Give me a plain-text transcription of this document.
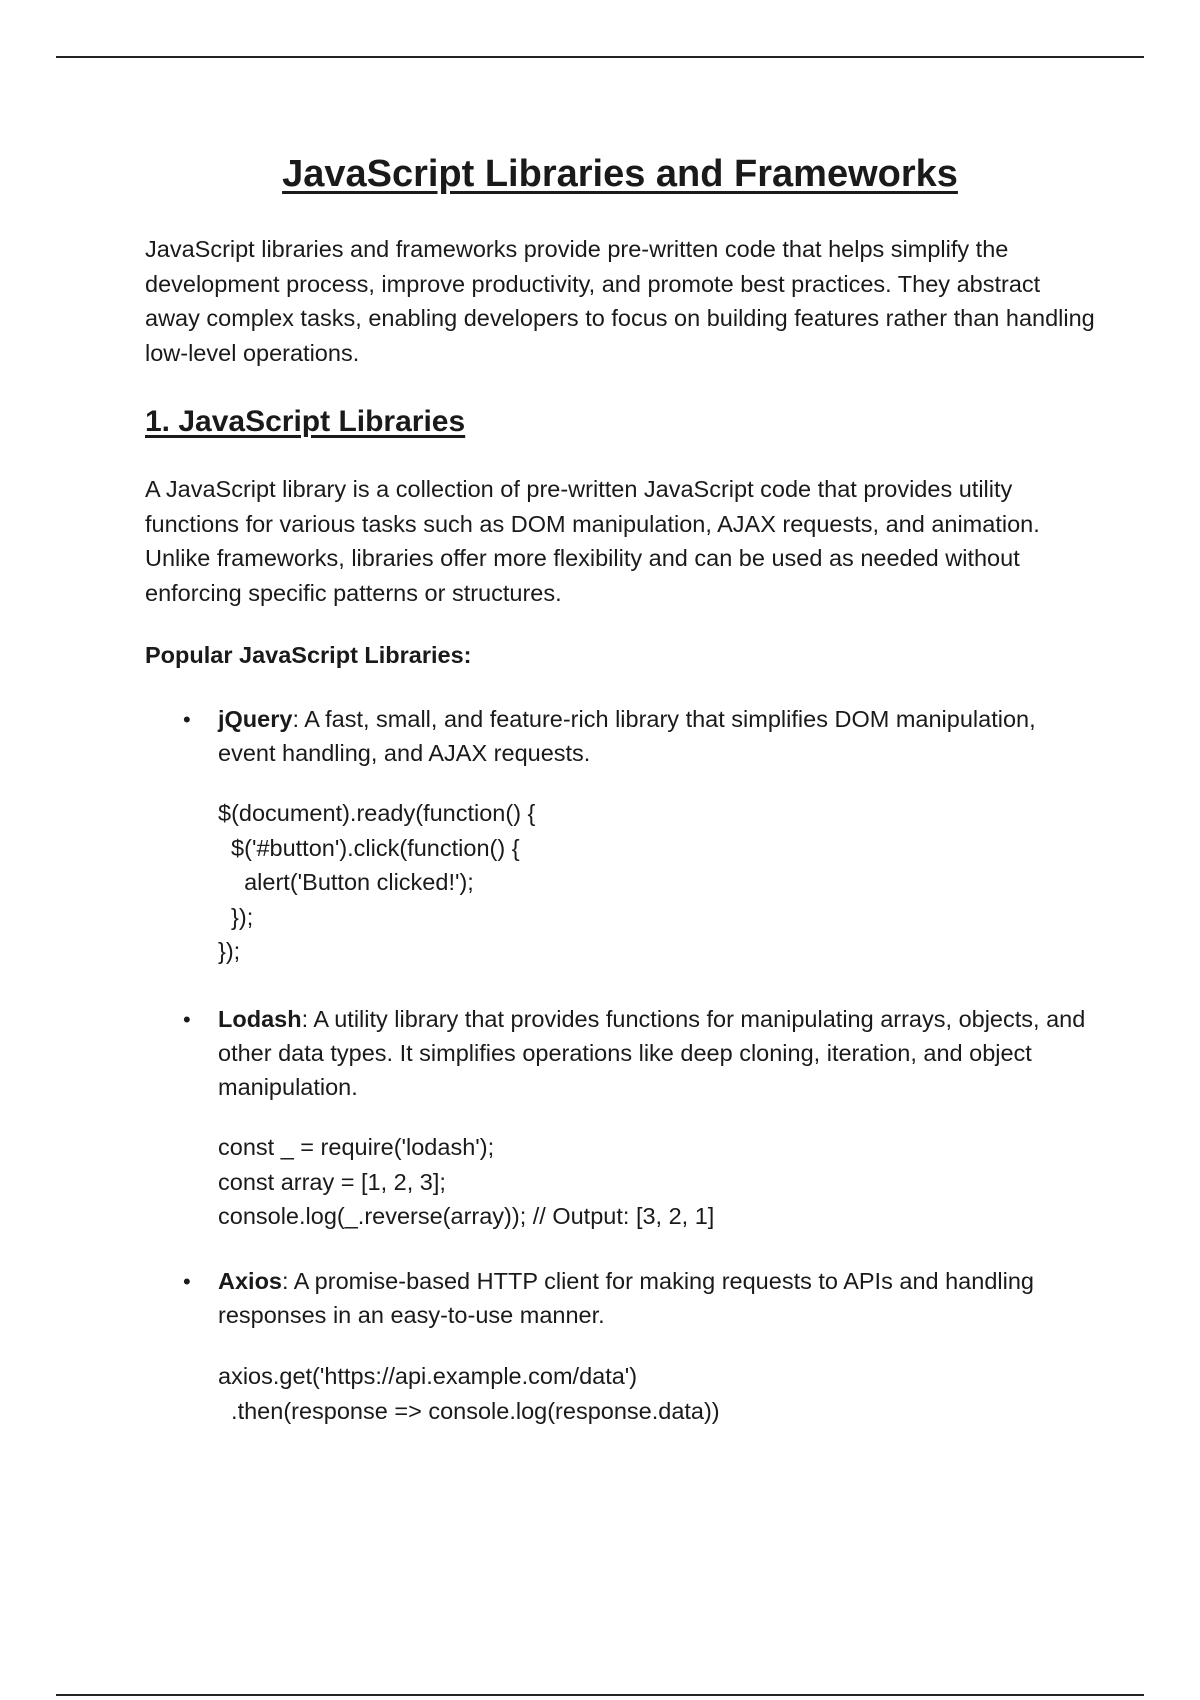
JavaScript Libraries and Frameworks

JavaScript libraries and frameworks provide pre-written code that helps simplify the development process, improve productivity, and promote best practices. They abstract away complex tasks, enabling developers to focus on building features rather than handling low-level operations.

1. JavaScript Libraries

A JavaScript library is a collection of pre-written JavaScript code that provides utility functions for various tasks such as DOM manipulation, AJAX requests, and animation. Unlike frameworks, libraries offer more flexibility and can be used as needed without enforcing specific patterns or structures.

Popular JavaScript Libraries:

• jQuery: A fast, small, and feature-rich library that simplifies DOM manipulation, event handling, and AJAX requests.

$(document).ready(function() {
$('#button').click(function() {
alert('Button clicked!');
});
});
• Lodash: A utility library that provides functions for manipulating arrays, objects, and other data types. It simplifies operations like deep cloning, iteration, and object manipulation.

const _ = require('lodash');
const array = [1, 2, 3];
console.log(_.reverse(array)); // Output: [3, 2, 1]
• Axios: A promise-based HTTP client for making requests to APIs and handling responses in an easy-to-use manner.

axios.get('https://api.example.com/data')
.then(response => console.log(response.data))
